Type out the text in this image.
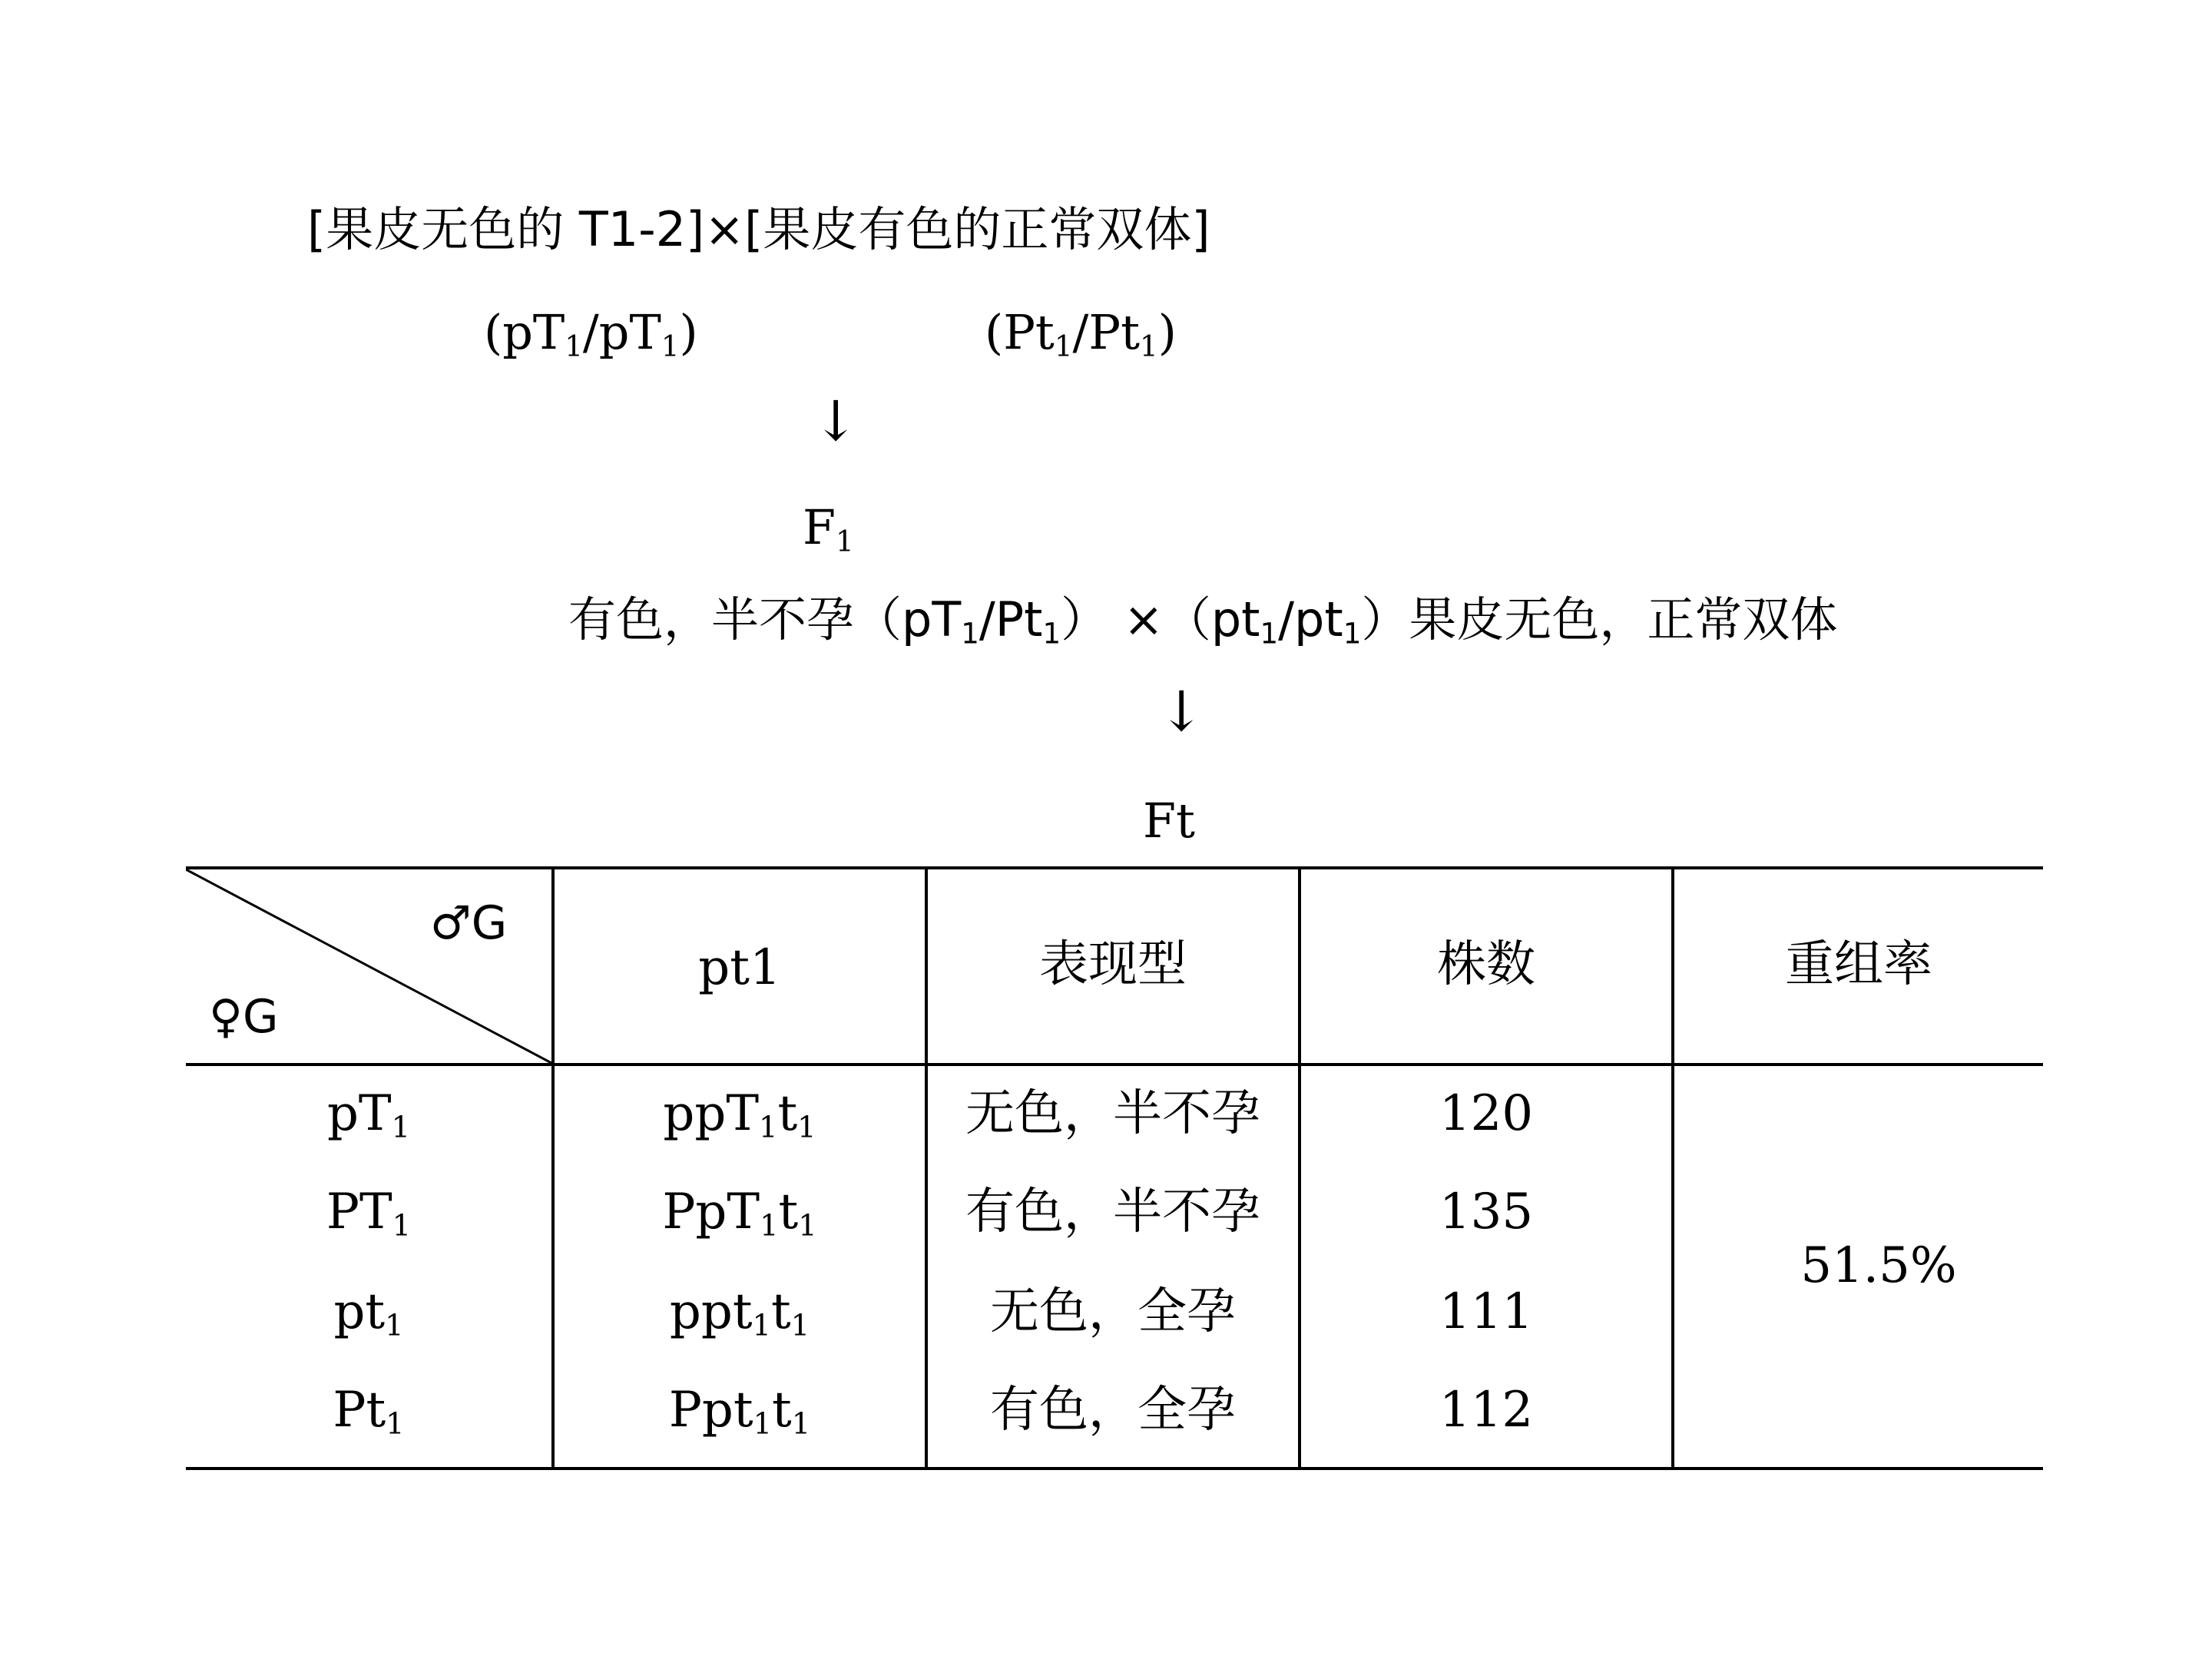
[果皮无色的 T1-2]×[果皮有色的正常双体]
$(pT_1/pT_1)$	$(Pt_1/Pt_1)$
↓
$F_1$
有色，半不孕$(pT_1/Pt_1) \times(pt_1/pt_1)$果皮无色，正常双体
↓
Ft
♂G
♀G
pt1	表现型	株数	重组率
$pT_1$	$ppT_1t_1$	无色，半不孕	120
$PT_1$	$PpT_1t_1$	有色，半不孕	135
$pt_1$	$ppt_1t_1$	无色，全孕	111
$Pt_1$	$Ppt_1t_1$	有色，全孕	112
51.5%
